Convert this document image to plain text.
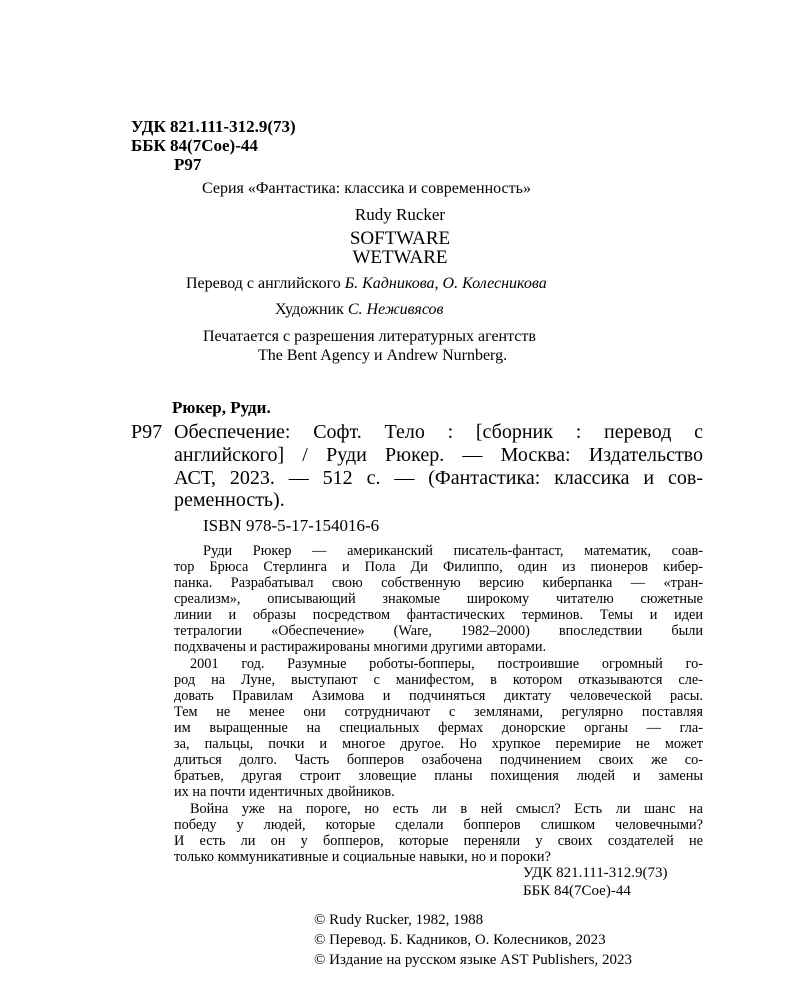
УДК 821.111-312.9(73)
ББК 84(7Сое)-44
Р97
Серия «Фантастика: классика и современность»
Rudy Rucker
SOFTWARE
WETWARE
Перевод с английского Б. Кадникова, О. Колесникова
Художник С. Неживясов
Печатается с разрешения литературных агентств
The Bent Agency и Andrew Nurnberg.
Рюкер, Руди.
Р97 Обеспечение: Софт. Тело : [сборник : перевод с
английского] / Руди Рюкер. — Москва: Издательство
АСТ, 2023. — 512 с. — (Фантастика: классика и сов-
ременность).
ISBN 978-5-17-154016-6
Руди Рюкер — американский писатель-фантаст, математик, соав-
тор Брюса Стерлинга и Пола Ди Филиппо, один из пионеров кибер-
панка. Разрабатывал свою собственную версию киберпанка — «тран-
среализм», описывающий знакомые широкому читателю сюжетные
линии и образы посредством фантастических терминов. Темы и идеи
тетралогии «Обеспечение» (Ware, 1982–2000) впоследствии были
подхвачены и растиражированы многими другими авторами.
2001 год. Разумные роботы-бопперы, построившие огромный го-
род на Луне, выступают с манифестом, в котором отказываются сле-
довать Правилам Азимова и подчиняться диктату человеческой расы.
Тем не менее они сотрудничают с землянами, регулярно поставляя
им выращенные на специальных фермах донорские органы — гла-
за, пальцы, почки и многое другое. Но хрупкое перемирие не может
длиться долго. Часть бопперов озабочена подчинением своих же со-
братьев, другая строит зловещие планы похищения людей и замены
их на почти идентичных двойников.
Война уже на пороге, но есть ли в ней смысл? Есть ли шанс на
победу у людей, которые сделали бопперов слишком человечными?
И есть ли он у бопперов, которые переняли у своих создателей не
только коммуникативные и социальные навыки, но и пороки?
УДК 821.111-312.9(73)
ББК 84(7Сое)-44
© Rudy Rucker, 1982, 1988
© Перевод. Б. Кадников, О. Колесников, 2023
© Издание на русском языке AST Publishers, 2023
